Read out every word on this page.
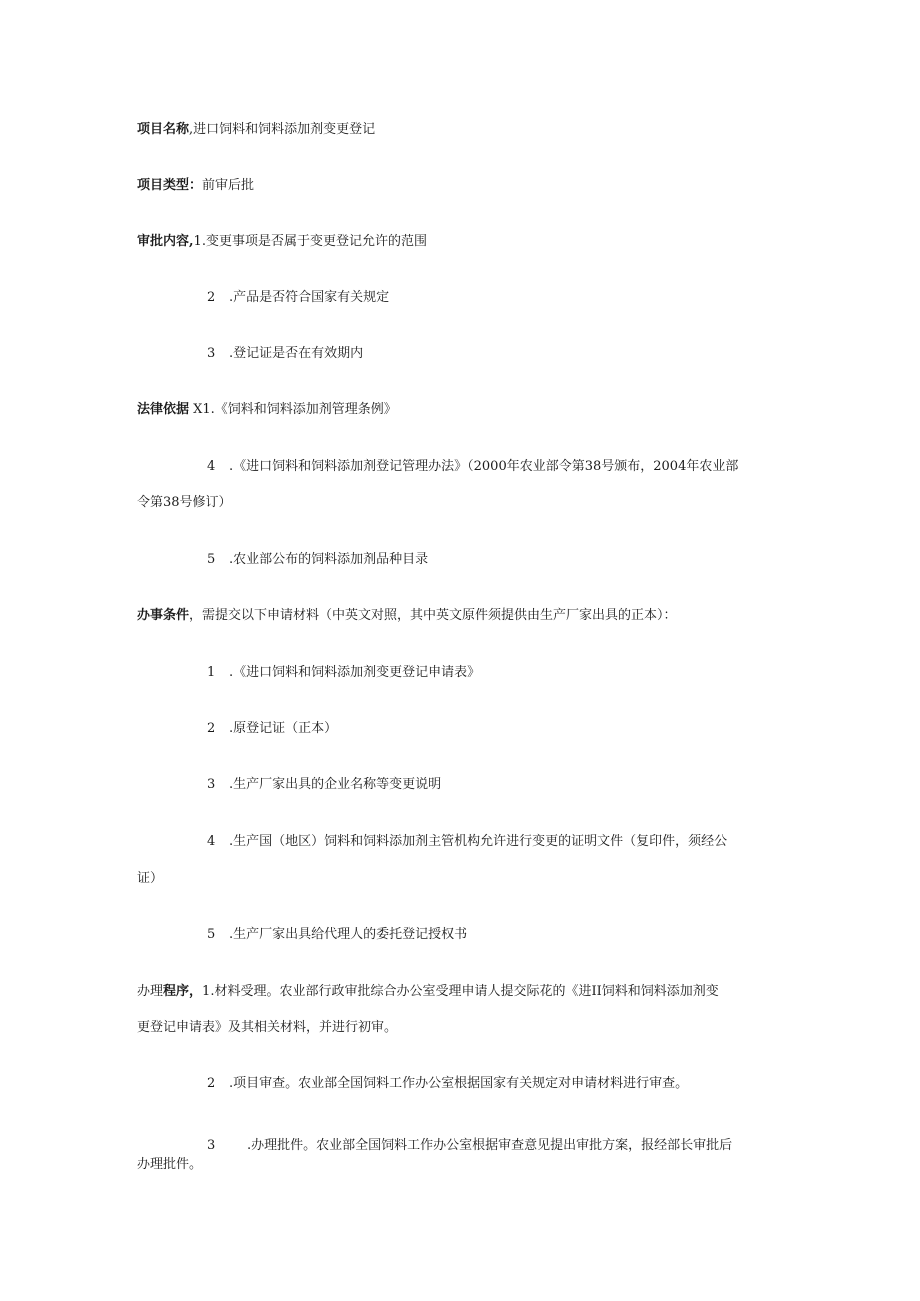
项目名称,进口饲料和饲料添加剂变更登记
项目类型：前审后批
审批内容,1.变更事项是否属于变更登记允许的范围
2 .产品是否符合国家有关规定
3 .登记证是否在有效期内
法律依据 X1.《饲料和饲料添加剂管理条例》
4 .《进口饲料和饲料添加剂登记管理办法》（2000年农业部令第38号颁布，2004年农业部
令第38号修订）
5 .农业部公布的饲料添加剂品种目录
办事条件，需提交以下申请材料（中英文对照，其中英文原件须提供由生产厂家出具的正本）：
1 .《进口饲料和饲料添加剂变更登记申请表》
2 .原登记证（正本）
3 .生产厂家出具的企业名称等变更说明
4 .生产国（地区）饲料和饲料添加剂主管机构允许进行变更的证明文件（复印件，须经公
证）
5 .生产厂家出具给代理人的委托登记授权书
办理程序，1.材料受理。农业部行政审批综合办公室受理申请人提交际花的《进II饲料和饲料添加剂变
更登记申请表》及其相关材料，并进行初审。
2 .项目审查。农业部全国饲料工作办公室根据国家有关规定对申请材料进行审查。
3 .办理批件。农业部全国饲料工作办公室根据审查意见提出审批方案，报经部长审批后
办理批件。
